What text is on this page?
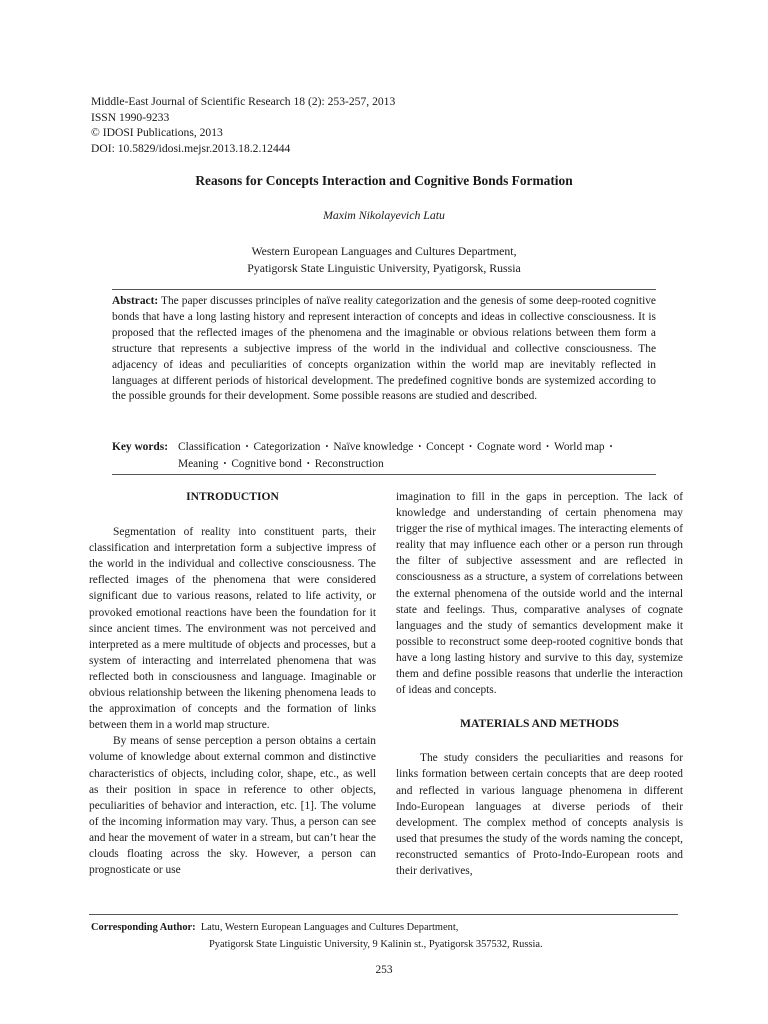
Middle-East Journal of Scientific Research 18 (2): 253-257, 2013
ISSN 1990-9233
© IDOSI Publications, 2013
DOI: 10.5829/idosi.mejsr.2013.18.2.12444
Reasons for Concepts Interaction and Cognitive Bonds Formation
Maxim Nikolayevich Latu
Western European Languages and Cultures Department,
Pyatigorsk State Linguistic University, Pyatigorsk, Russia
Abstract: The paper discusses principles of naïve reality categorization and the genesis of some deep-rooted cognitive bonds that have a long lasting history and represent interaction of concepts and ideas in collective consciousness. It is proposed that the reflected images of the phenomena and the imaginable or obvious relations between them form a structure that represents a subjective impress of the world in the individual and collective consciousness. The adjacency of ideas and peculiarities of concepts organization within the world map are inevitably reflected in languages at different periods of historical development. The predefined cognitive bonds are systemized according to the possible grounds for their development. Some possible reasons are studied and described.
Key words: Classification • Categorization • Naïve knowledge • Concept • Cognate word • World map •
Meaning • Cognitive bond • Reconstruction
INTRODUCTION

Segmentation of reality into constituent parts, their classification and interpretation form a subjective impress of the world in the individual and collective consciousness. The reflected images of the phenomena that were considered significant due to various reasons, related to life activity, or provoked emotional reactions have been the foundation for it since ancient times. The environment was not perceived and interpreted as a mere multitude of objects and processes, but a system of interacting and interrelated phenomena that was reflected both in consciousness and language. Imaginable or obvious relationship between the likening phenomena leads to the approximation of concepts and the formation of links between them in a world map structure.

By means of sense perception a person obtains a certain volume of knowledge about external common and distinctive characteristics of objects, including color, shape, etc., as well as their position in space in reference to other objects, peculiarities of behavior and interaction, etc. [1]. The volume of the incoming information may vary. Thus, a person can see and hear the movement of water in a stream, but can’t hear the clouds floating across the sky. However, a person can prognosticate or use

imagination to fill in the gaps in perception. The lack of knowledge and understanding of certain phenomena may trigger the rise of mythical images. The interacting elements of reality that may influence each other or a person run through the filter of subjective assessment and are reflected in consciousness as a structure, a system of correlations between the external phenomena of the outside world and the internal state and feelings. Thus, comparative analyses of cognate languages and the study of semantics development make it possible to reconstruct some deep-rooted cognitive bonds that have a long lasting history and survive to this day, systemize them and define possible reasons that underlie the interaction of ideas and concepts.

MATERIALS AND METHODS

The study considers the peculiarities and reasons for links formation between certain concepts that are deep rooted and reflected in various language phenomena in different Indo-European languages at diverse periods of their development. The complex method of concepts analysis is used that presumes the study of the words naming the concept, reconstructed semantics of Proto-Indo-European roots and their derivatives,

Corresponding Author: Latu, Western European Languages and Cultures Department,
Pyatigorsk State Linguistic University, 9 Kalinin st., Pyatigorsk 357532, Russia.
253
